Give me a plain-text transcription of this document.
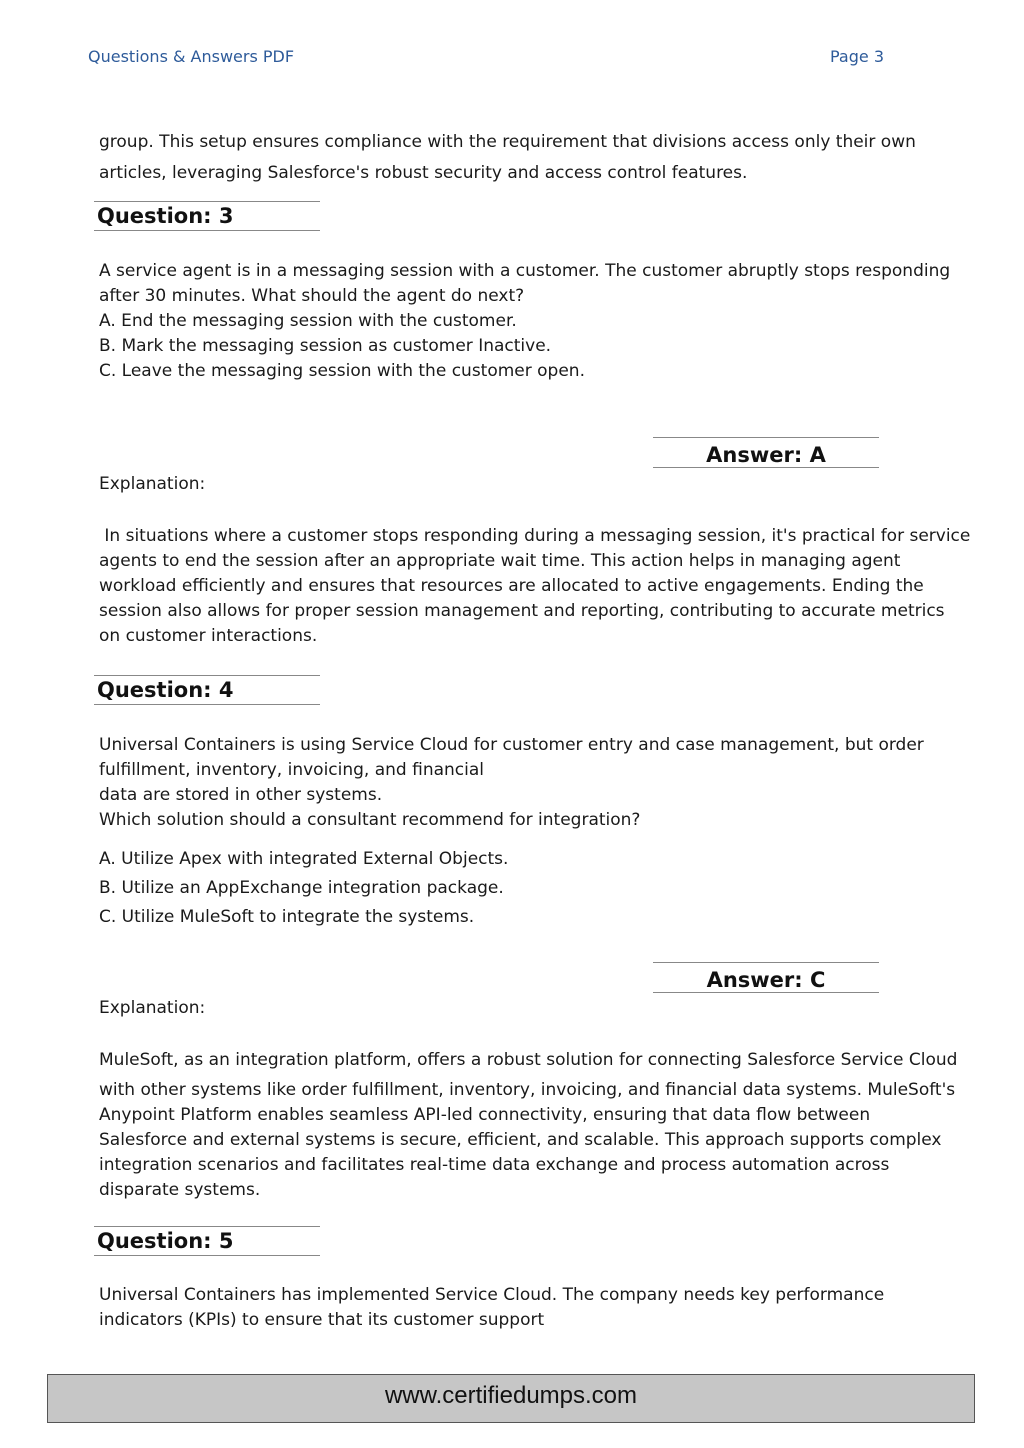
Questions & Answers PDF	Page 3
group. This setup ensures compliance with the requirement that divisions access only their own
articles, leveraging Salesforce's robust security and access control features.
Question: 3
A service agent is in a messaging session with a customer. The customer abruptly stops responding
after 30 minutes. What should the agent do next?
A. End the messaging session with the customer.
B. Mark the messaging session as customer Inactive.
C. Leave the messaging session with the customer open.
Answer: A
Explanation:
In situations where a customer stops responding during a messaging session, it's practical for service
agents to end the session after an appropriate wait time. This action helps in managing agent
workload efficiently and ensures that resources are allocated to active engagements. Ending the
session also allows for proper session management and reporting, contributing to accurate metrics
on customer interactions.
Question: 4
Universal Containers is using Service Cloud for customer entry and case management, but order
fulfillment, inventory, invoicing, and financial
data are stored in other systems.
Which solution should a consultant recommend for integration?
A. Utilize Apex with integrated External Objects.
B. Utilize an AppExchange integration package.
C. Utilize MuleSoft to integrate the systems.
Answer: C
Explanation:
MuleSoft, as an integration platform, offers a robust solution for connecting Salesforce Service Cloud
with other systems like order fulfillment, inventory, invoicing, and financial data systems. MuleSoft's
Anypoint Platform enables seamless API-led connectivity, ensuring that data flow between
Salesforce and external systems is secure, efficient, and scalable. This approach supports complex
integration scenarios and facilitates real-time data exchange and process automation across
disparate systems.
Question: 5
Universal Containers has implemented Service Cloud. The company needs key performance
indicators (KPIs) to ensure that its customer support
www.certifiedumps.com
